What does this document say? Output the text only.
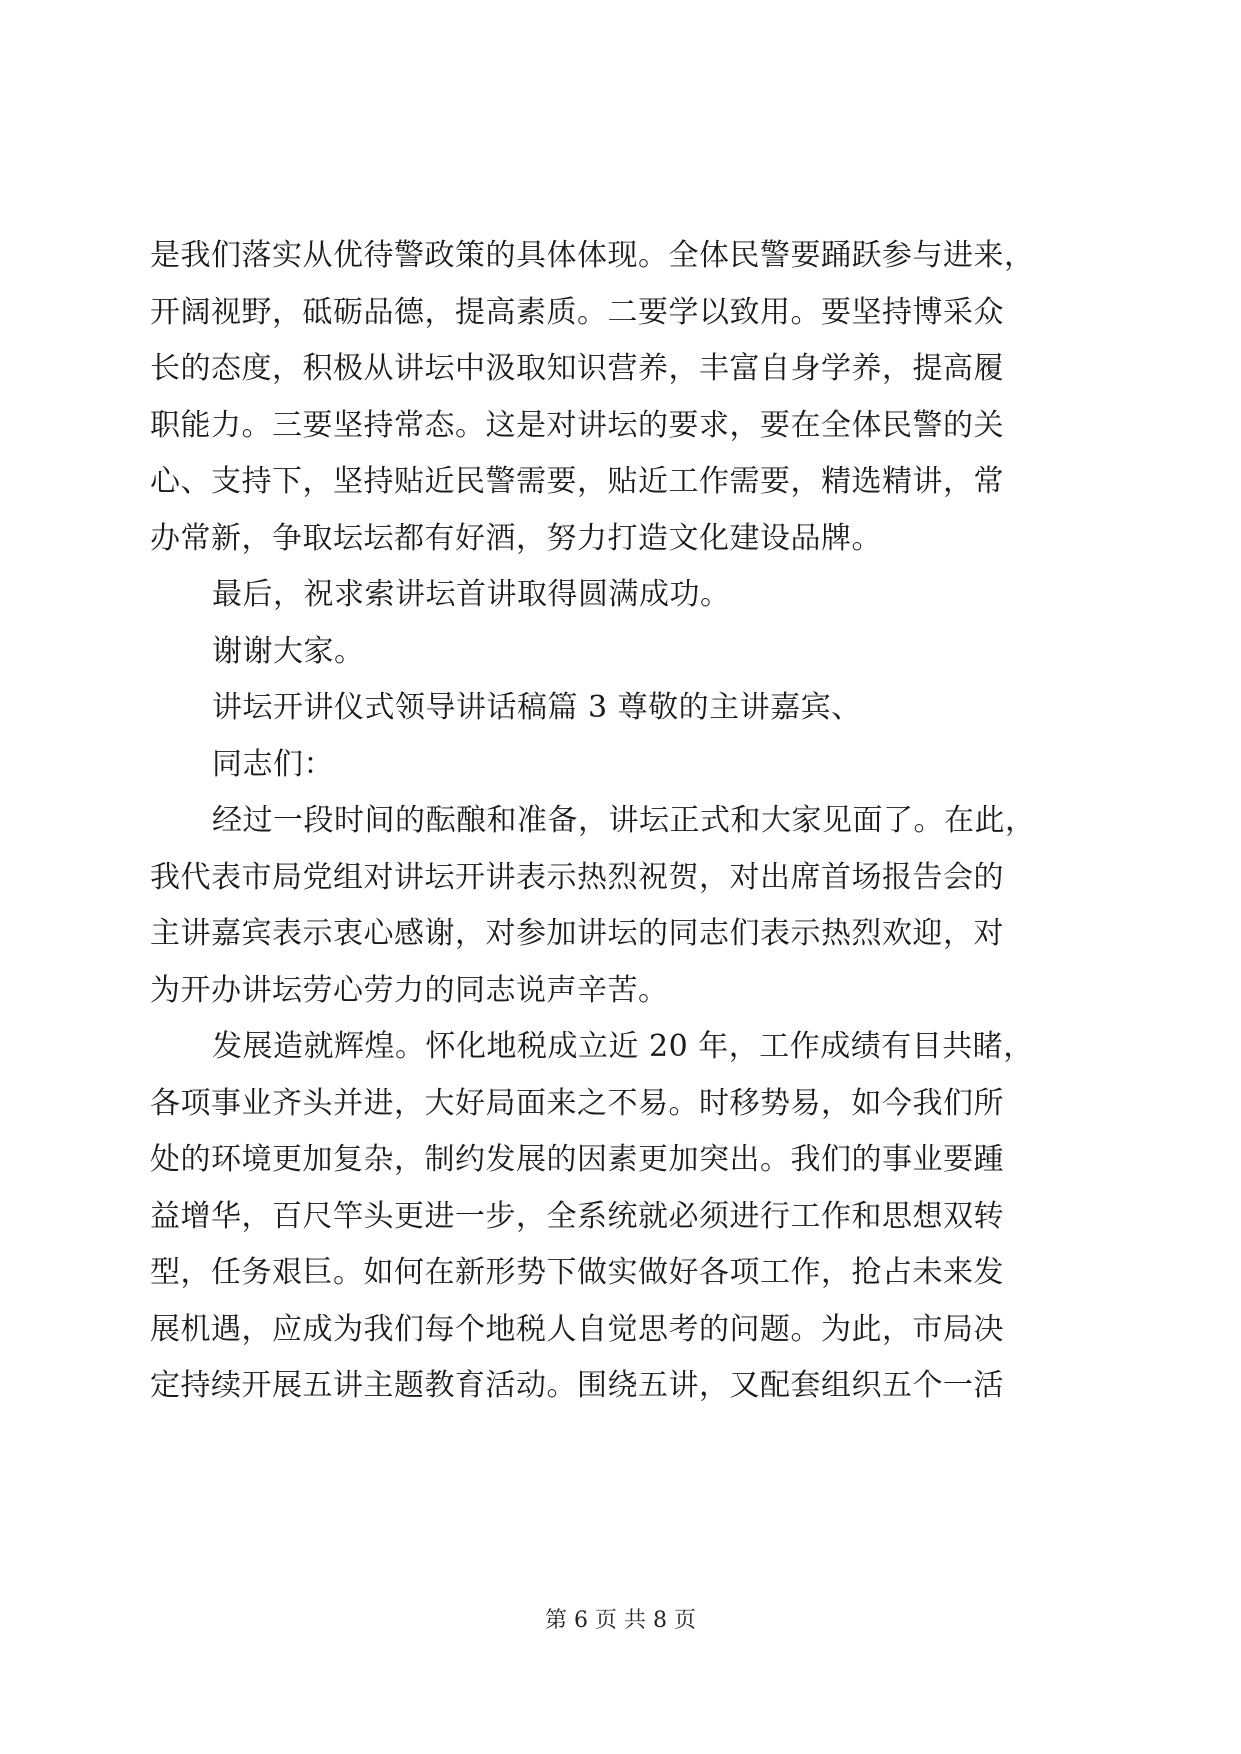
是我们落实从优待警政策的具体体现。全体民警要踊跃参与进来，
开阔视野，砥砺品德，提高素质。二要学以致用。要坚持博采众
长的态度，积极从讲坛中汲取知识营养，丰富自身学养，提高履
职能力。三要坚持常态。这是对讲坛的要求，要在全体民警的关
心、支持下，坚持贴近民警需要，贴近工作需要，精选精讲，常
办常新，争取坛坛都有好酒，努力打造文化建设品牌。
最后，祝求索讲坛首讲取得圆满成功。
谢谢大家。
讲坛开讲仪式领导讲话稿篇 3 尊敬的主讲嘉宾、
同志们：
经过一段时间的酝酿和准备，讲坛正式和大家见面了。在此，
我代表市局党组对讲坛开讲表示热烈祝贺，对出席首场报告会的
主讲嘉宾表示衷心感谢，对参加讲坛的同志们表示热烈欢迎，对
为开办讲坛劳心劳力的同志说声辛苦。
发展造就辉煌。怀化地税成立近 20 年，工作成绩有目共睹，
各项事业齐头并进，大好局面来之不易。时移势易，如今我们所
处的环境更加复杂，制约发展的因素更加突出。我们的事业要踵
益增华，百尺竿头更进一步，全系统就必须进行工作和思想双转
型，任务艰巨。如何在新形势下做实做好各项工作，抢占未来发
展机遇，应成为我们每个地税人自觉思考的问题。为此，市局决
定持续开展五讲主题教育活动。围绕五讲，又配套组织五个一活
第 6 页 共 8 页
